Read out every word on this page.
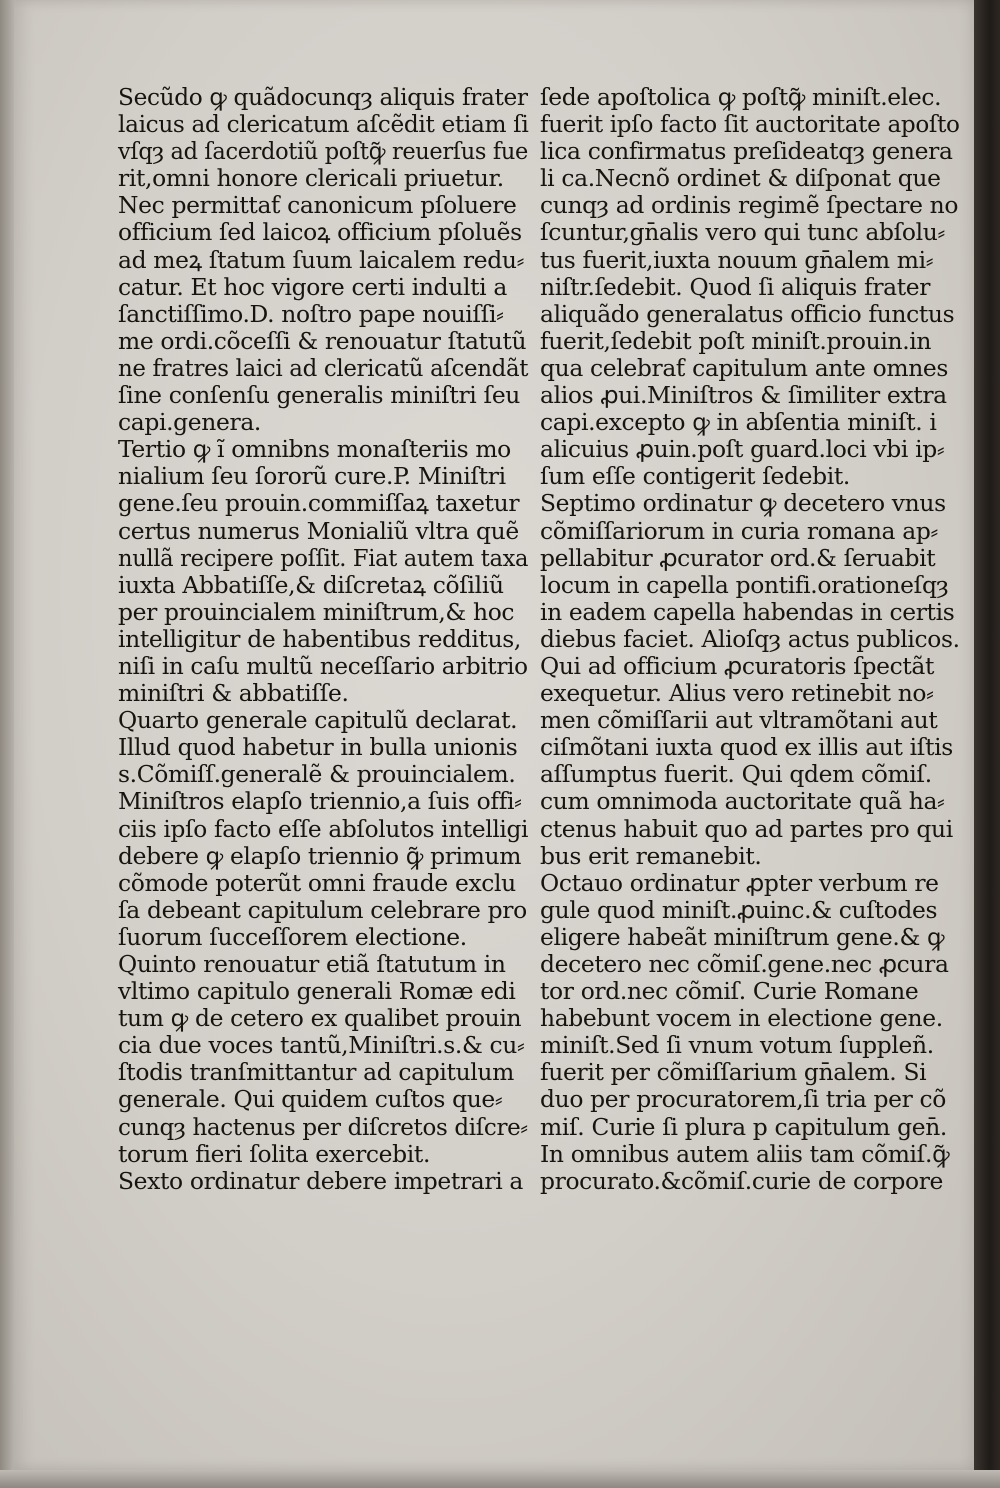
Secũdo ꝙ quãdocunqȝ aliquis frater
laicus ad clericatum aſcẽdit etiam ſi
vſqȝ ad ſacerdotiũ poſtꝙ̃ reuerſus fue
rit,omni honore clericali priuetur.
Nec permittaƭ canonicum pſoluere
officium ſed laicoꝝ officium pſoluẽs
ad meꝝ ſtatum ſuum laicalem redu⸗
catur. Et hoc vigore certi indulti a
ſanctiſſimo.D. noſtro pape nouiſſi⸗
me ordi.cõceſſi & renouatur ſtatutũ
ne fratres laici ad clericatũ aſcendãt
ſine conſenſu generalis miniſtri ſeu
capi.genera.
Tertio ꝙ ĩ omnibns monaſteriis mo
nialium ſeu ſororũ cure.P. Miniſtri
gene.ſeu prouin.commiſſaꝝ taxetur
certus numerus Monialiũ vltra quẽ
nullã recipere poſſit. Fiat autem taxa
iuxta Abbatiſſe,& diſcretaꝝ cõſiliũ
per prouincialem miniſtrum,& hoc
intelligitur de habentibus redditus,
niſi in caſu multũ neceſſario arbitrio
miniſtri & abbatiſſe.
Quarto generale capitulũ declarat.
Illud quod habetur in bulla unionis
s.Cõmiſſ.generalẽ & prouincialem.
Miniſtros elapſo triennio,a ſuis offi⸗
ciis ipſo facto eſſe abſolutos intelligi
debere ꝙ elapſo triennio ꝙ̃ primum
cõmode poterũt omni fraude exclu
ſa debeant capitulum celebrare pro
ſuorum ſucceſſorem electione.
Quinto renouatur etiã ſtatutum in
vltimo capitulo generali Romæ edi
tum ꝙ de cetero ex qualibet prouin
cia due voces tantũ,Miniſtri.s.& cu⸗
ſtodis tranſmittantur ad capitulum
generale. Qui quidem cuſtos que⸗
cunqȝ hactenus per diſcretos diſcre⸗
torum fieri ſolita exercebit.
Sexto ordinatur debere impetrari a
ſede apoſtolica ꝙ poſtꝙ̃ miniſt.elec.
fuerit ipſo facto ſit auctoritate apoſto
lica confirmatus preſideatqȝ genera
li ca.Necnõ ordinet & diſponat que
cunqȝ ad ordinis regimẽ ſpectare no
ſcuntur,gn̄alis vero qui tunc abſolu⸗
tus fuerit,iuxta nouum gn̄alem mi⸗
niſtr.ſedebit. Quod ſi aliquis frater
aliquãdo generalatus officio functus
fuerit,ſedebit poſt miniſt.prouin.in
qua celebraƭ capitulum ante omnes
alios ꝓui.Miniſtros & ſimiliter extra
capi.excepto ꝙ in abſentia miniſt. i
alicuius ꝓuin.poſt guard.loci vbi ip⸗
ſum eſſe contigerit ſedebit.
Septimo ordinatur ꝙ decetero vnus
cõmiſſariorum in curia romana ap⸗
pellabitur ꝓcurator ord.& ſeruabit
locum in capella pontifi.orationeſqȝ
in eadem capella habendas in certis
diebus faciet. Alioſqȝ actus publicos.
Qui ad officium ꝓcuratoris ſpectãt
exequetur. Alius vero retinebit no⸗
men cõmiſſarii aut vltramõtani aut
ciſmõtani iuxta quod ex illis aut iſtis
aſſumptus fuerit. Qui qdem cõmiſ.
cum omnimoda auctoritate quã ha⸗
ctenus habuit quo ad partes pro qui
bus erit remanebit.
Octauo ordinatur ꝓpter verbum re
gule quod miniſt.ꝓuinc.& cuſtodes
eligere habeãt miniſtrum gene.& ꝙ
decetero nec cõmiſ.gene.nec ꝓcura
tor ord.nec cõmiſ. Curie Romane
habebunt vocem in electione gene.
miniſt.Sed ſi vnum votum ſuppleñ.
fuerit per cõmiſſarium gn̄alem. Si
duo per procuratorem,ſi tria per cõ
miſ. Curie ſi plura p capitulum gen̄.
In omnibus autem aliis tam cõmiſ.ꝙ̃
procurato.&cõmiſ.curie de corpore
